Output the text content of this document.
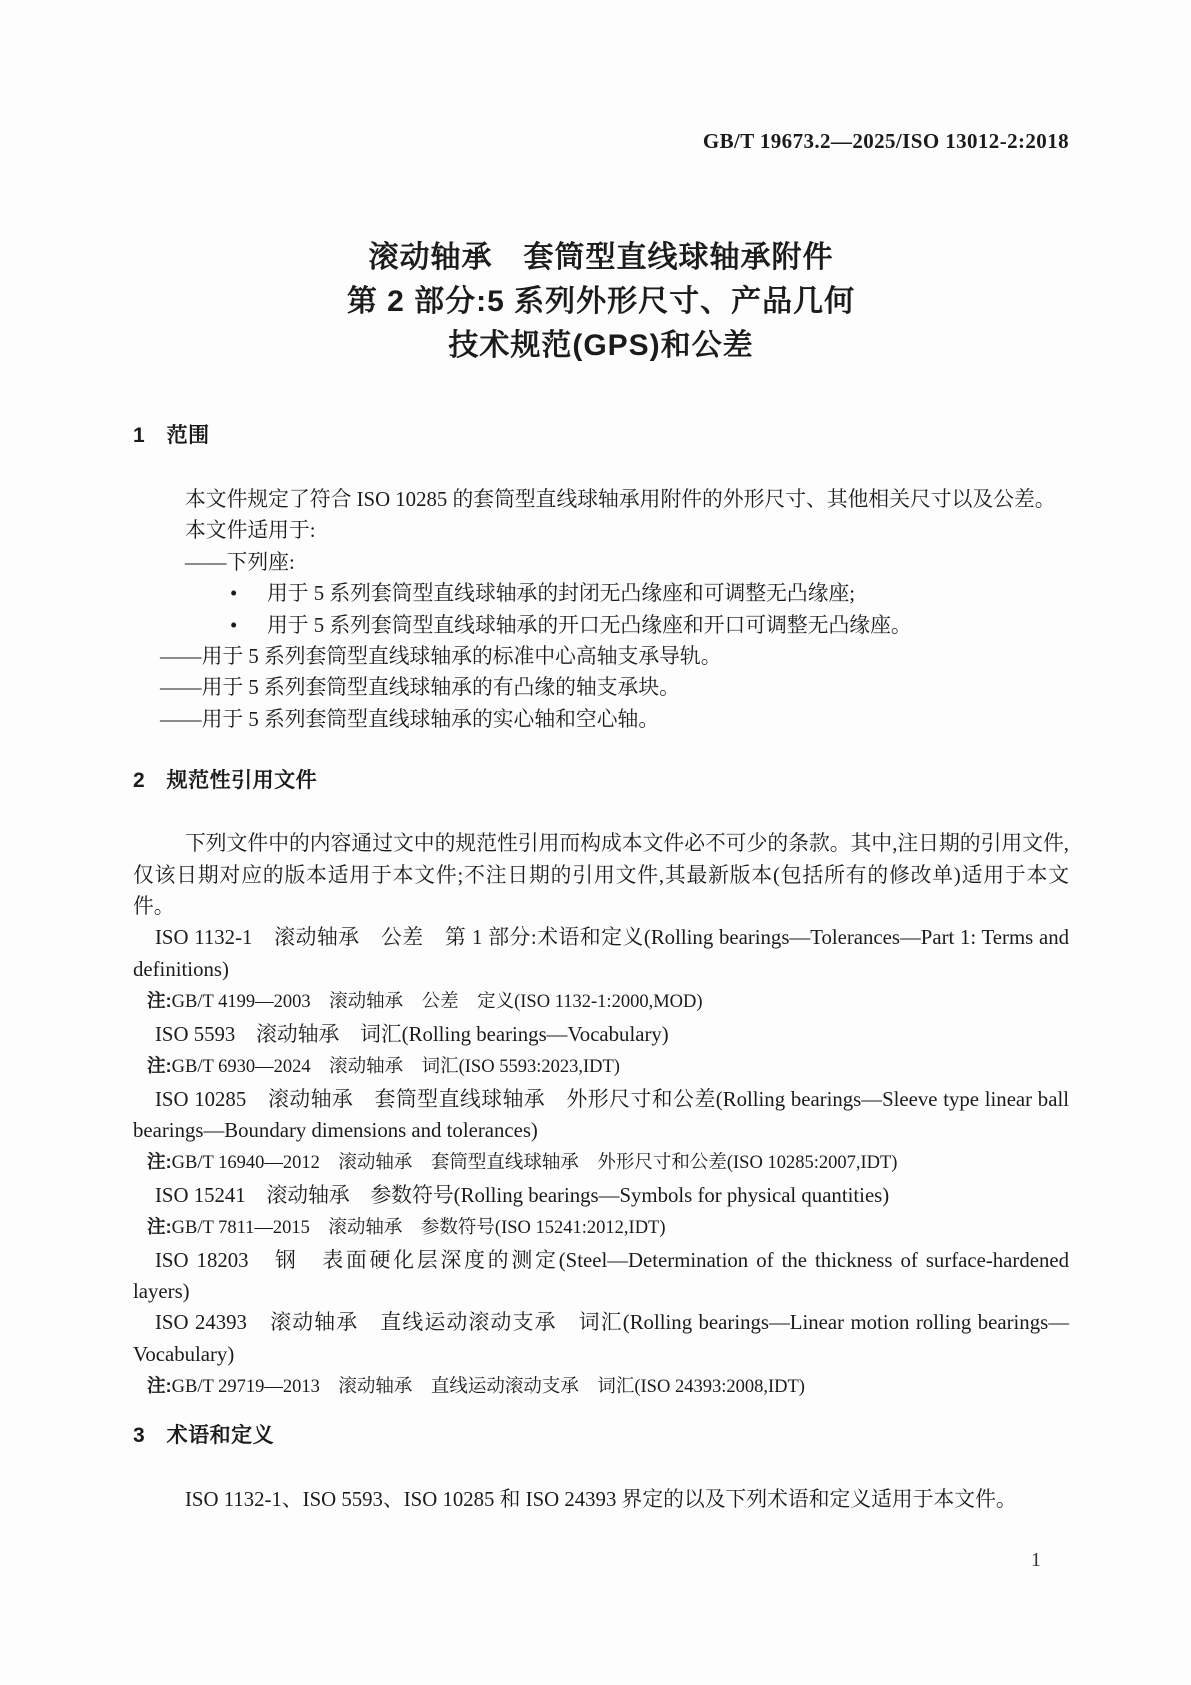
GB/T 19673.2—2025/ISO 13012-2:2018
滚动轴承　套筒型直线球轴承附件
第 2 部分:5 系列外形尺寸、产品几何
技术规范(GPS)和公差
1　范围
本文件规定了符合 ISO 10285 的套筒型直线球轴承用附件的外形尺寸、其他相关尺寸以及公差。
本文件适用于:
——下列座:
• 用于 5 系列套筒型直线球轴承的封闭无凸缘座和可调整无凸缘座;
• 用于 5 系列套筒型直线球轴承的开口无凸缘座和开口可调整无凸缘座。
——用于 5 系列套筒型直线球轴承的标准中心高轴支承导轨。
——用于 5 系列套筒型直线球轴承的有凸缘的轴支承块。
——用于 5 系列套筒型直线球轴承的实心轴和空心轴。
2　规范性引用文件
下列文件中的内容通过文中的规范性引用而构成本文件必不可少的条款。其中,注日期的引用文件,仅该日期对应的版本适用于本文件;不注日期的引用文件,其最新版本(包括所有的修改单)适用于本文件。
ISO 1132-1　滚动轴承　公差　第 1 部分:术语和定义(Rolling bearings—Tolerances—Part 1: Terms and definitions)
注:GB/T 4199—2003　滚动轴承　公差　定义(ISO 1132-1:2000,MOD)
ISO 5593　滚动轴承　词汇(Rolling bearings—Vocabulary)
注:GB/T 6930—2024　滚动轴承　词汇(ISO 5593:2023,IDT)
ISO 10285　滚动轴承　套筒型直线球轴承　外形尺寸和公差(Rolling bearings—Sleeve type linear ball bearings—Boundary dimensions and tolerances)
注:GB/T 16940—2012　滚动轴承　套筒型直线球轴承　外形尺寸和公差(ISO 10285:2007,IDT)
ISO 15241　滚动轴承　参数符号(Rolling bearings—Symbols for physical quantities)
注:GB/T 7811—2015　滚动轴承　参数符号(ISO 15241:2012,IDT)
ISO 18203　钢　表面硬化层深度的测定(Steel—Determination of the thickness of surface-hardened layers)
ISO 24393　滚动轴承　直线运动滚动支承　词汇(Rolling bearings—Linear motion rolling bearings—Vocabulary)
注:GB/T 29719—2013　滚动轴承　直线运动滚动支承　词汇(ISO 24393:2008,IDT)
3　术语和定义
ISO 1132-1、ISO 5593、ISO 10285 和 ISO 24393 界定的以及下列术语和定义适用于本文件。
1
